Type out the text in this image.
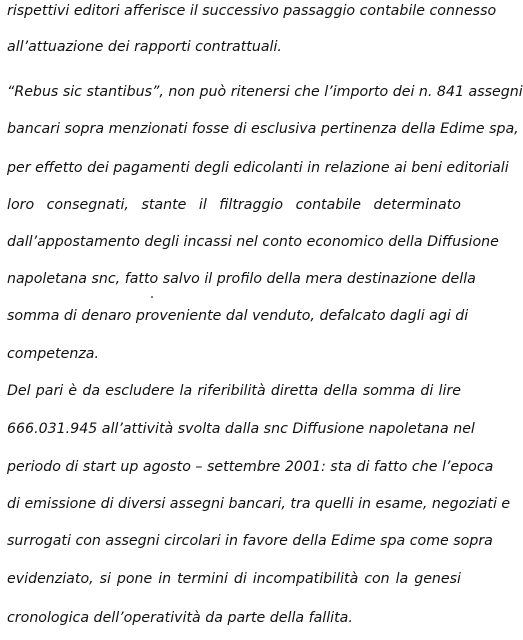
rispettivi editori afferisce il successivo passaggio contabile connesso
all’attuazione dei rapporti contrattuali.
“Rebus sic stantibus”, non può ritenersi che l’importo dei n. 841 assegni
bancari sopra menzionati fosse di esclusiva pertinenza della Edime spa,
per effetto dei pagamenti degli edicolanti in relazione ai beni editoriali
loro consegnati, stante il filtraggio contabile determinato
dall’appostamento degli incassi nel conto economico della Diffusione
napoletana snc, fatto salvo il profilo della mera destinazione della
somma di denaro proveniente dal venduto, defalcato dagli agi di
competenza.
Del pari è da escludere la riferibilità diretta della somma di lire
666.031.945 all’attività svolta dalla snc Diffusione napoletana nel
periodo di start up agosto – settembre 2001: sta di fatto che l’epoca
di emissione di diversi assegni bancari, tra quelli in esame, negoziati e
surrogati con assegni circolari in favore della Edime spa come sopra
evidenziato, si pone in termini di incompatibilità con la genesi
cronologica dell’operatività da parte della fallita.
